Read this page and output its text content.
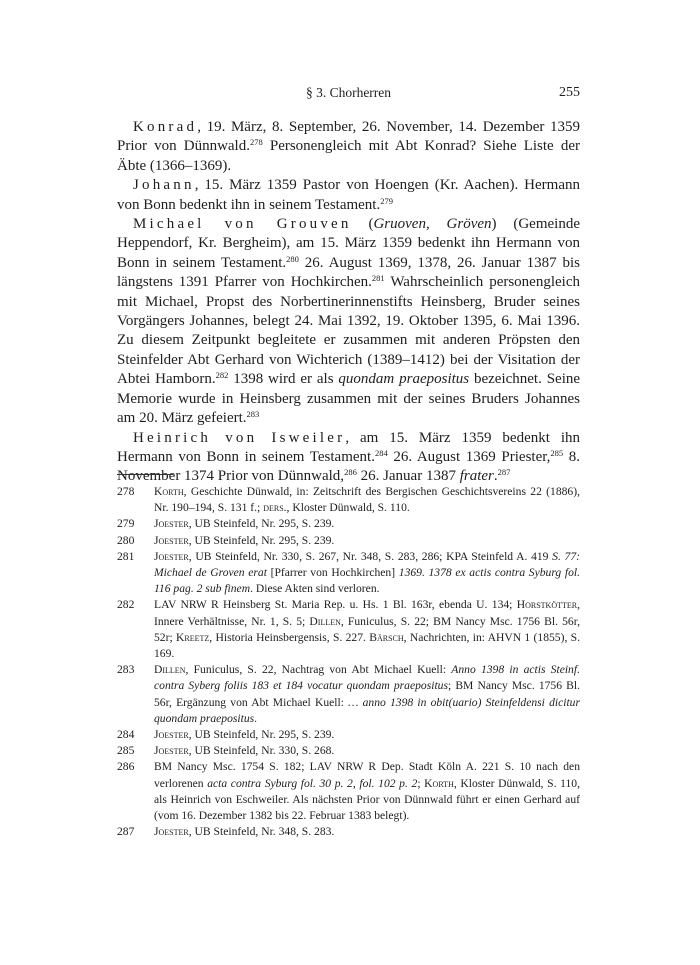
§ 3. Chorherren	255

Konrad, 19. März, 8. September, 26. November, 14. Dezember 1359 Prior von Dünnwald.$^{278}$ Personengleich mit Abt Konrad? Siehe Liste der Äbte (1366–1369).

Johann, 15. März 1359 Pastor von Hoengen (Kr. Aachen). Hermann von Bonn bedenkt ihn in seinem Testament.$^{279}$

Michael von Grouven (Gruoven, Gröven) (Gemeinde Heppendorf, Kr. Bergheim), am 15. März 1359 bedenkt ihn Hermann von Bonn in seinem Testament.$^{280}$ 26. August 1369, 1378, 26. Januar 1387 bis längstens 1391 Pfarrer von Hochkirchen.$^{281}$ Wahrscheinlich personengleich mit Michael, Propst des Norbertinerinnenstifts Heinsberg, Bruder seines Vorgängers Johannes, belegt 24. Mai 1392, 19. Oktober 1395, 6. Mai 1396. Zu diesem Zeitpunkt begleitete er zusammen mit anderen Pröpsten den Steinfelder Abt Gerhard von Wichterich (1389–1412) bei der Visitation der Abtei Hamborn.$^{282}$ 1398 wird er als quondam praepositus bezeichnet. Seine Memorie wurde in Heinsberg zusammen mit der seines Bruders Johannes am 20. März gefeiert.$^{283}$

Heinrich von Isweiler, am 15. März 1359 bedenkt ihn Hermann von Bonn in seinem Testament.$^{284}$ 26. August 1369 Priester,$^{285}$ 8. November 1374 Prior von Dünnwald,$^{286}$ 26. Januar 1387 frater.$^{287}$

278 Korth, Geschichte Dünwald, in: Zeitschrift des Bergischen Geschichtsvereins 22 (1886), Nr. 190–194, S. 131 f.; ders., Kloster Dünwald, S. 110.

279 Joester, UB Steinfeld, Nr. 295, S. 239.

280 Joester, UB Steinfeld, Nr. 295, S. 239.

281 Joester, UB Steinfeld, Nr. 330, S. 267, Nr. 348, S. 283, 286; KPA Steinfeld A. 419 S. 77: Michael de Groven erat [Pfarrer von Hochkirchen] 1369. 1378 ex actis contra Syburg fol. 116 pag. 2 sub finem. Diese Akten sind verloren.

282 LAV NRW R Heinsberg St. Maria Rep. u. Hs. 1 Bl. 163r, ebenda U. 134; Horstkötter, Innere Verhältnisse, Nr. 1, S. 5; Dillen, Funiculus, S. 22; BM Nancy Msc. 1756 Bl. 56r, 52r; Kreetz, Historia Heinsbergensis, S. 227. Bärsch, Nachrichten, in: AHVN 1 (1855), S. 169.

283 Dillen, Funiculus, S. 22, Nachtrag von Abt Michael Kuell: Anno 1398 in actis Steinf. contra Syberg foliis 183 et 184 vocatur quondam praepositus; BM Nancy Msc. 1756 Bl. 56r, Ergänzung von Abt Michael Kuell: … anno 1398 in obit(uario) Steinfeldensi dicitur quondam praepositus.

284 Joester, UB Steinfeld, Nr. 295, S. 239.

285 Joester, UB Steinfeld, Nr. 330, S. 268.

286 BM Nancy Msc. 1754 S. 182; LAV NRW R Dep. Stadt Köln A. 221 S. 10 nach den verlorenen acta contra Syburg fol. 30 p. 2, fol. 102 p. 2; Korth, Kloster Dünwald, S. 110, als Heinrich von Eschweiler. Als nächsten Prior von Dünnwald führt er einen Gerhard auf (vom 16. Dezember 1382 bis 22. Februar 1383 belegt).

287 Joester, UB Steinfeld, Nr. 348, S. 283.
